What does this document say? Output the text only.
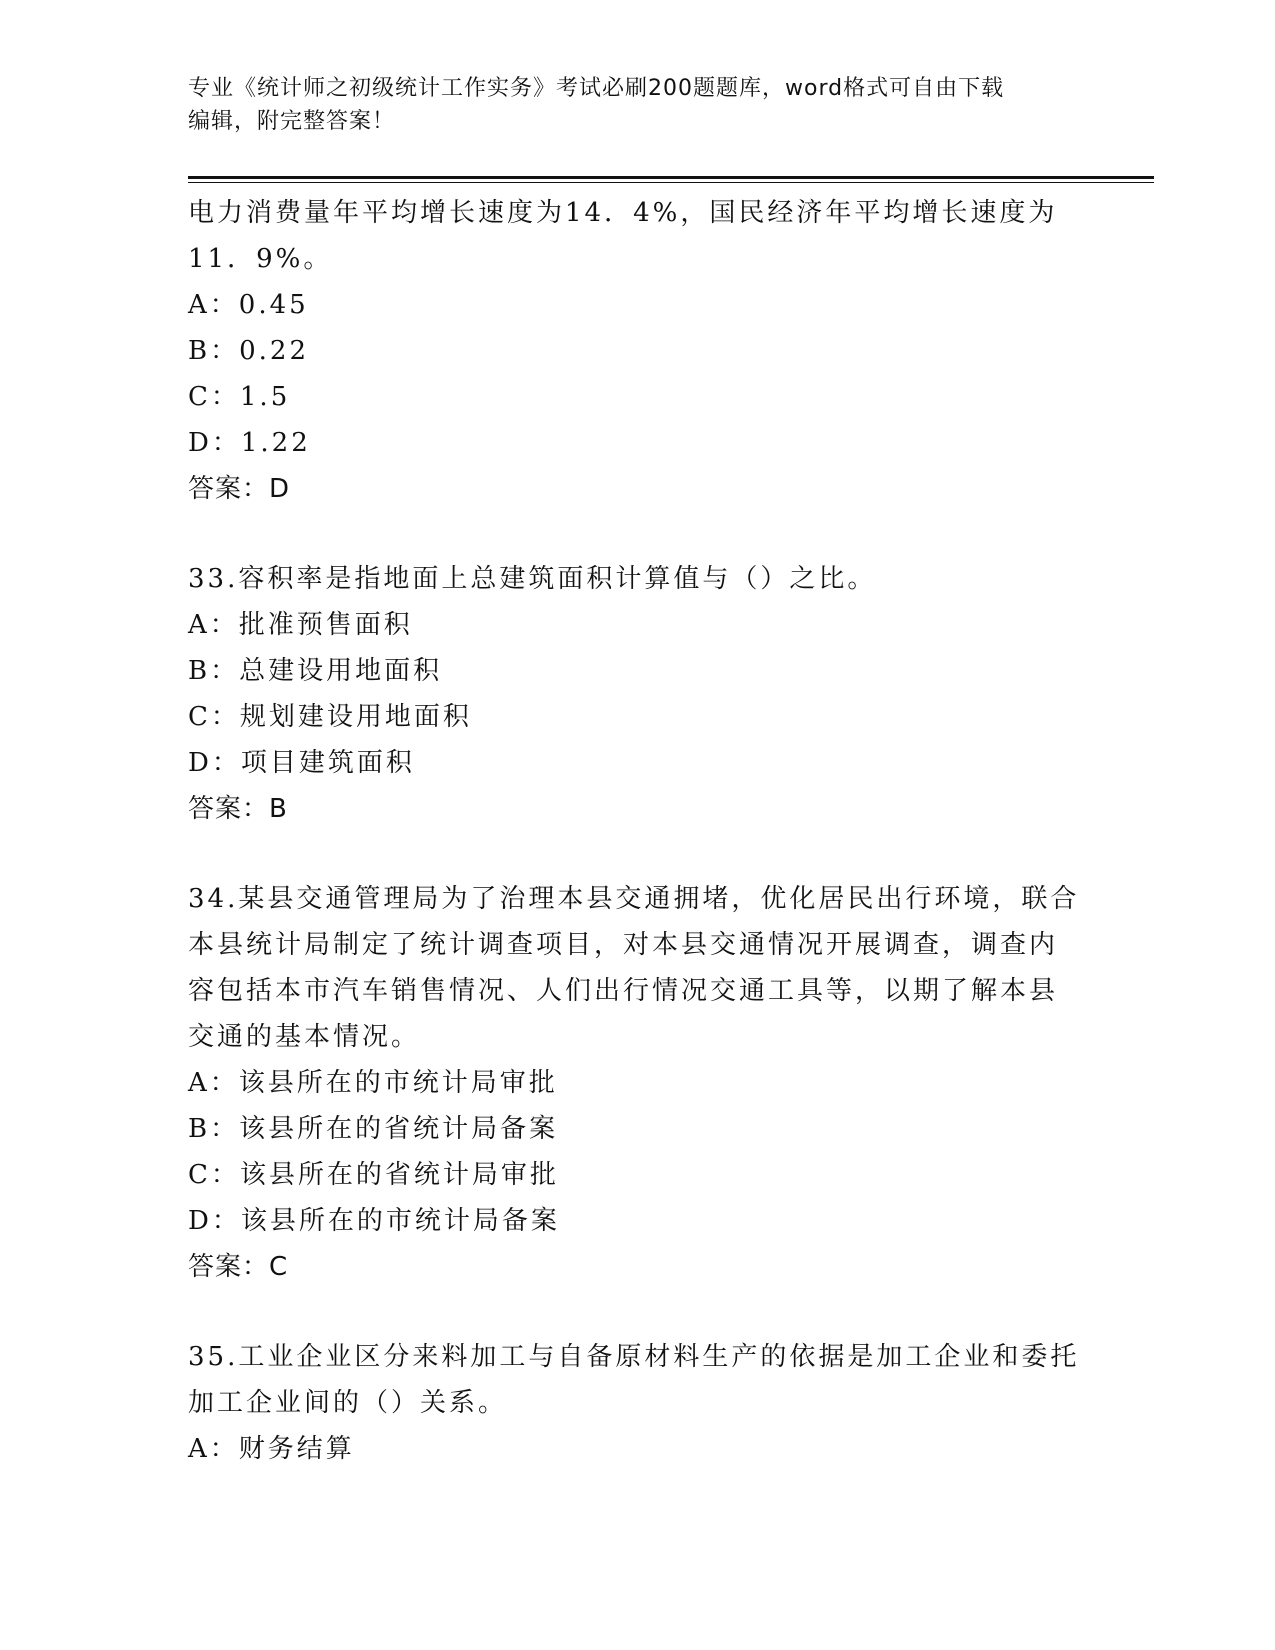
专业《统计师之初级统计工作实务》考试必刷200题题库，word格式可自由下载
编辑，附完整答案！
电力消费量年平均增长速度为14．4%，国民经济年平均增长速度为
11．9%。
A：0.45
B：0.22
C：1.5
D：1.22
答案：D
33.容积率是指地面上总建筑面积计算值与（）之比。
A：批准预售面积
B：总建设用地面积
C：规划建设用地面积
D：项目建筑面积
答案：B
34.某县交通管理局为了治理本县交通拥堵，优化居民出行环境，联合
本县统计局制定了统计调查项目，对本县交通情况开展调查，调查内
容包括本市汽车销售情况、人们出行情况交通工具等，以期了解本县
交通的基本情况。
A：该县所在的市统计局审批
B：该县所在的省统计局备案
C：该县所在的省统计局审批
D：该县所在的市统计局备案
答案：C
35.工业企业区分来料加工与自备原材料生产的依据是加工企业和委托
加工企业间的（）关系。
A：财务结算
